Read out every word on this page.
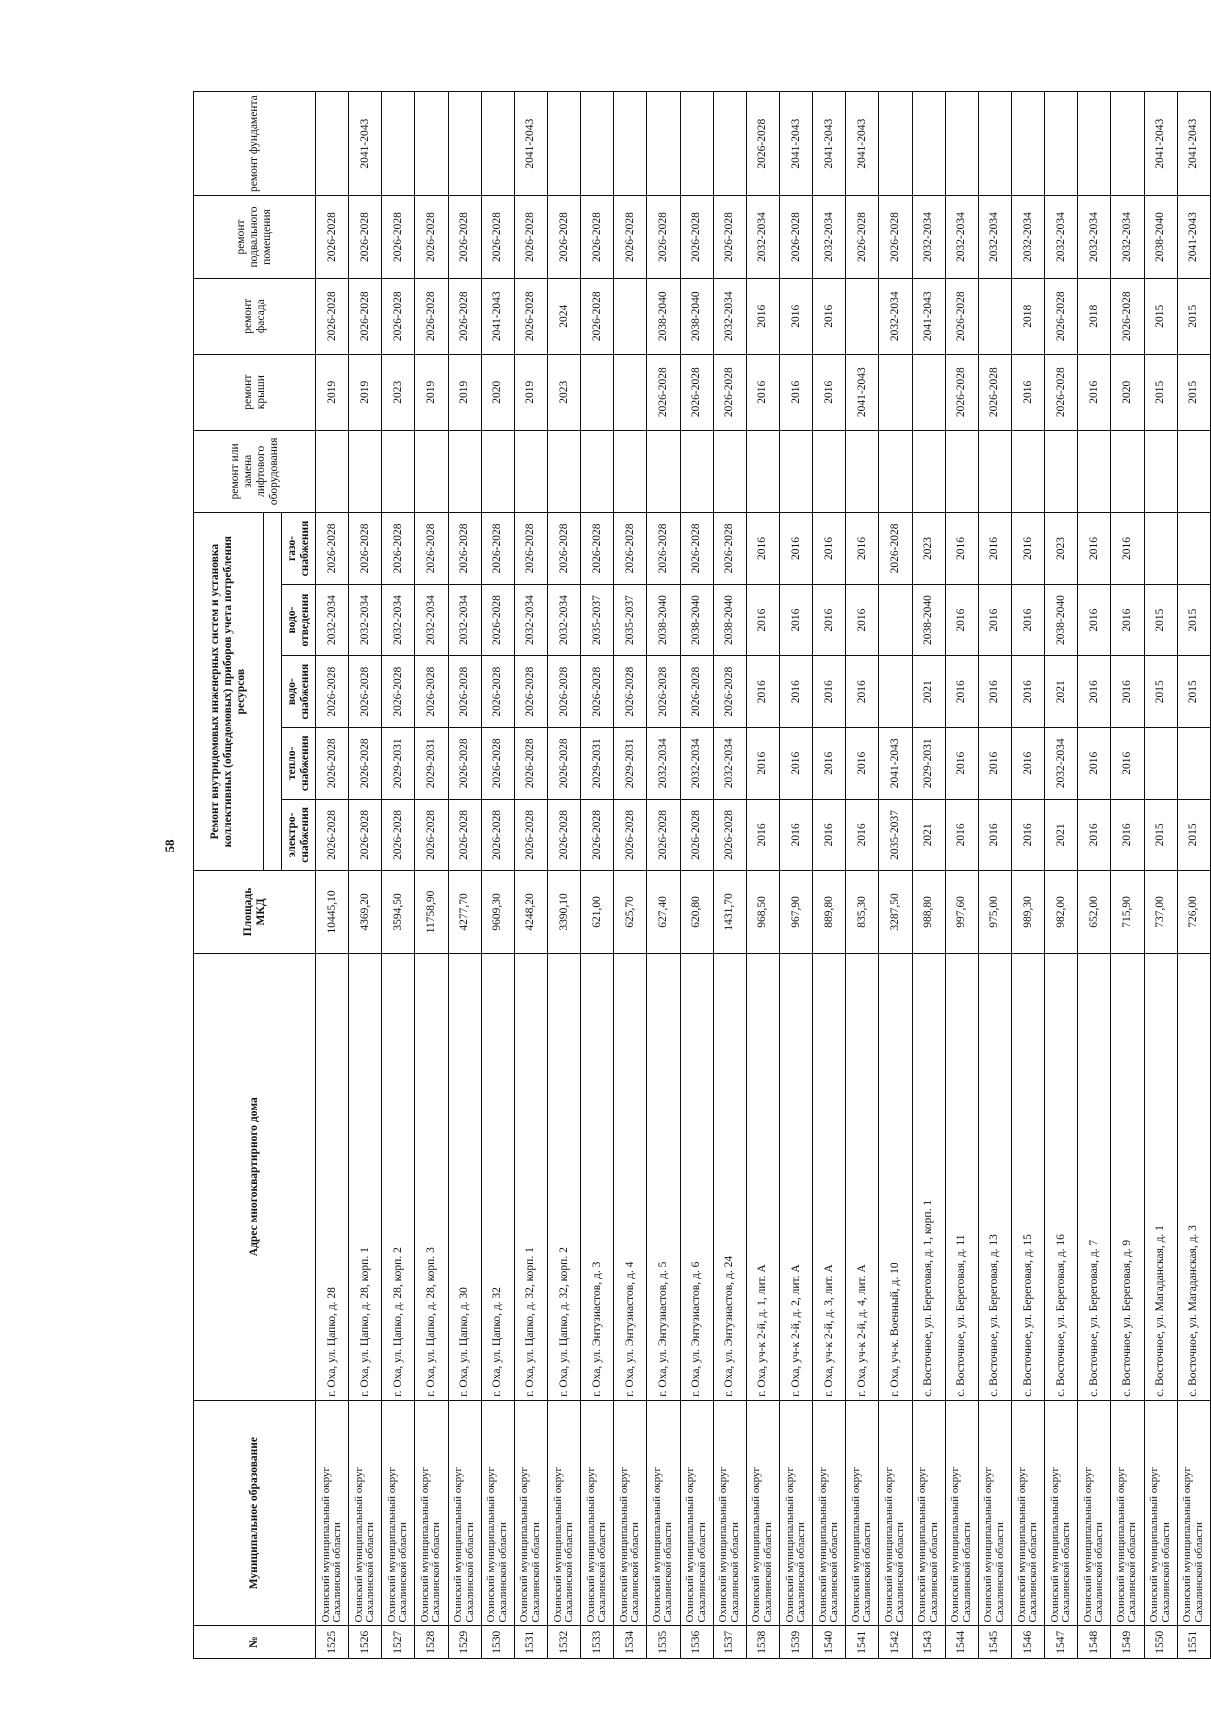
58
№	Муниципальное образование	Адрес многоквартирного дома	Площадь МКД	Ремонт внутридомовых инженерных систем и установка коллективных (общедомовых) приборов учета потребления ресурсов					ремонт или замена лифтового оборудования	ремонт крыши	ремонт фасада	ремонт подвального помещения	ремонт фундамента

				электро-снабжения	тепло-снабжения	водо-снабжения	водо-отведения	газо-снабжения					
1525	Охинский муниципальный округ Сахалинской области	г. Оха, ул. Цапко, д. 28	10445,10	2026-2028	2026-2028	2026-2028	2032-2034	2026-2028		2019	2026-2028	2026-2028	
1526	Охинский муниципальный округ Сахалинской области	г. Оха, ул. Цапко, д. 28, корп. 1	4369,20	2026-2028	2026-2028	2026-2028	2032-2034	2026-2028		2019	2026-2028	2026-2028	2041-2043
1527	Охинский муниципальный округ Сахалинской области	г. Оха, ул. Цапко, д. 28, корп. 2	3594,50	2026-2028	2029-2031	2026-2028	2032-2034	2026-2028		2023	2026-2028	2026-2028	
1528	Охинский муниципальный округ Сахалинской области	г. Оха, ул. Цапко, д. 28, корп. 3	11758,90	2026-2028	2029-2031	2026-2028	2032-2034	2026-2028		2019	2026-2028	2026-2028	
1529	Охинский муниципальный округ Сахалинской области	г. Оха, ул. Цапко, д. 30	4277,70	2026-2028	2026-2028	2026-2028	2032-2034	2026-2028		2019	2026-2028	2026-2028	
1530	Охинский муниципальный округ Сахалинской области	г. Оха, ул. Цапко, д. 32	9609,30	2026-2028	2026-2028	2026-2028	2026-2028	2026-2028		2020	2041-2043	2026-2028	
1531	Охинский муниципальный округ Сахалинской области	г. Оха, ул. Цапко, д. 32, корп. 1	4248,20	2026-2028	2026-2028	2026-2028	2032-2034	2026-2028		2019	2026-2028	2026-2028	2041-2043
1532	Охинский муниципальный округ Сахалинской области	г. Оха, ул. Цапко, д. 32, корп. 2	3390,10	2026-2028	2026-2028	2026-2028	2032-2034	2026-2028		2023	2024	2026-2028	
1533	Охинский муниципальный округ Сахалинской области	г. Оха, ул. Энтузиастов, д. 3	621,00	2026-2028	2029-2031	2026-2028	2035-2037	2026-2028			2026-2028	2026-2028	
1534	Охинский муниципальный округ Сахалинской области	г. Оха, ул. Энтузиастов, д. 4	625,70	2026-2028	2029-2031	2026-2028	2035-2037	2026-2028				2026-2028	
1535	Охинский муниципальный округ Сахалинской области	г. Оха, ул. Энтузиастов, д. 5	627,40	2026-2028	2032-2034	2026-2028	2038-2040	2026-2028		2026-2028	2038-2040	2026-2028	
1536	Охинский муниципальный округ Сахалинской области	г. Оха, ул. Энтузиастов, д. 6	620,80	2026-2028	2032-2034	2026-2028	2038-2040	2026-2028		2026-2028	2038-2040	2026-2028	
1537	Охинский муниципальный округ Сахалинской области	г. Оха, ул. Энтузиастов, д. 24	1431,70	2026-2028	2032-2034	2026-2028	2038-2040	2026-2028		2026-2028	2032-2034	2026-2028	
1538	Охинский муниципальный округ Сахалинской области	г. Оха, уч-к 2-й, д. 1, лит. А	968,50	2016	2016	2016	2016	2016		2016	2016	2032-2034	2026-2028
1539	Охинский муниципальный округ Сахалинской области	г. Оха, уч-к 2-й, д. 2, лит. А	967,90	2016	2016	2016	2016	2016		2016	2016	2026-2028	2041-2043
1540	Охинский муниципальный округ Сахалинской области	г. Оха, уч-к 2-й, д. 3, лит. А	889,80	2016	2016	2016	2016	2016		2016	2016	2032-2034	2041-2043
1541	Охинский муниципальный округ Сахалинской области	г. Оха, уч-к 2-й, д. 4, лит. А	835,30	2016	2016	2016	2016	2016		2041-2043		2026-2028	2041-2043
1542	Охинский муниципальный округ Сахалинской области	г. Оха, уч-к. Военный, д. 10	3287,50	2035-2037	2041-2043			2026-2028			2032-2034	2026-2028	
1543	Охинский муниципальный округ Сахалинской области	с. Восточное, ул. Береговая, д. 1, корп. 1	988,80	2021	2029-2031	2021	2038-2040	2023			2041-2043	2032-2034	
1544	Охинский муниципальный округ Сахалинской области	с. Восточное, ул. Береговая, д. 11	997,60	2016	2016	2016	2016	2016		2026-2028	2026-2028	2032-2034	
1545	Охинский муниципальный округ Сахалинской области	с. Восточное, ул. Береговая, д. 13	975,00	2016	2016	2016	2016	2016		2026-2028		2032-2034	
1546	Охинский муниципальный округ Сахалинской области	с. Восточное, ул. Береговая, д. 15	989,30	2016	2016	2016	2016	2016		2016	2018	2032-2034	
1547	Охинский муниципальный округ Сахалинской области	с. Восточное, ул. Береговая, д. 16	982,00	2021	2032-2034	2021	2038-2040	2023		2026-2028	2026-2028	2032-2034	
1548	Охинский муниципальный округ Сахалинской области	с. Восточное, ул. Береговая, д. 7	652,00	2016	2016	2016	2016	2016		2016	2018	2032-2034	
1549	Охинский муниципальный округ Сахалинской области	с. Восточное, ул. Береговая, д. 9	715,90	2016	2016	2016	2016	2016		2020	2026-2028	2032-2034	
1550	Охинский муниципальный округ Сахалинской области	с. Восточное, ул. Магаданская, д. 1	737,00	2015		2015	2015			2015	2015	2038-2040	2041-2043
1551	Охинский муниципальный округ Сахалинской области	с. Восточное, ул. Магаданская, д. 3	726,00	2015		2015	2015			2015	2015	2041-2043	2041-2043
